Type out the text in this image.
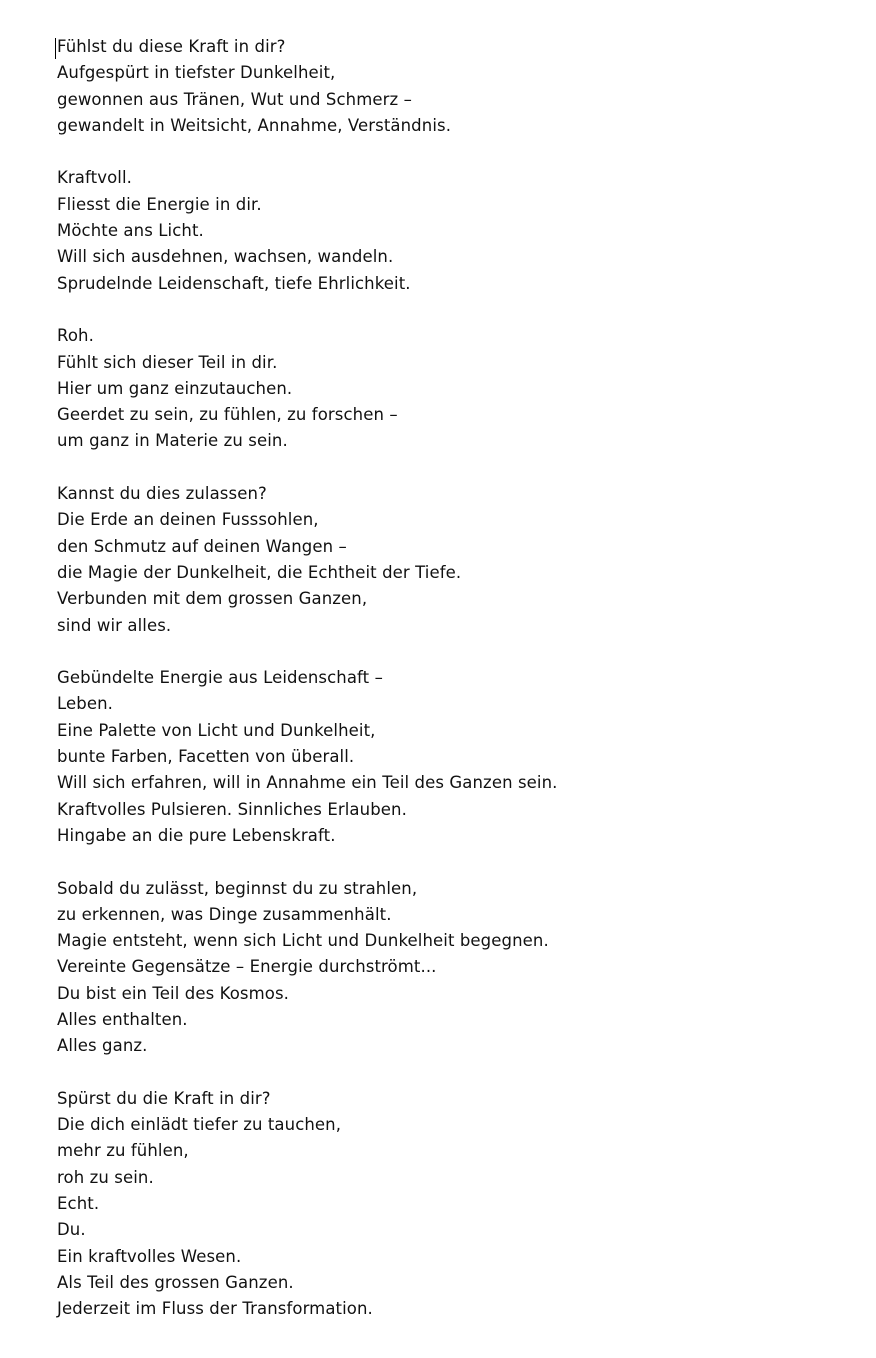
Fühlst du diese Kraft in dir?
Aufgespürt in tiefster Dunkelheit,
gewonnen aus Tränen, Wut und Schmerz –
gewandelt in Weitsicht, Annahme, Verständnis.
Kraftvoll.
Fliesst die Energie in dir.
Möchte ans Licht.
Will sich ausdehnen, wachsen, wandeln.
Sprudelnde Leidenschaft, tiefe Ehrlichkeit.
Roh.
Fühlt sich dieser Teil in dir.
Hier um ganz einzutauchen.
Geerdet zu sein, zu fühlen, zu forschen –
um ganz in Materie zu sein.
Kannst du dies zulassen?
Die Erde an deinen Fusssohlen,
den Schmutz auf deinen Wangen –
die Magie der Dunkelheit, die Echtheit der Tiefe.
Verbunden mit dem grossen Ganzen,
sind wir alles.
Gebündelte Energie aus Leidenschaft –
Leben.
Eine Palette von Licht und Dunkelheit,
bunte Farben, Facetten von überall.
Will sich erfahren, will in Annahme ein Teil des Ganzen sein.
Kraftvolles Pulsieren. Sinnliches Erlauben.
Hingabe an die pure Lebenskraft.
Sobald du zulässt, beginnst du zu strahlen,
zu erkennen, was Dinge zusammenhält.
Magie entsteht, wenn sich Licht und Dunkelheit begegnen.
Vereinte Gegensätze – Energie durchströmt...
Du bist ein Teil des Kosmos.
Alles enthalten.
Alles ganz.
Spürst du die Kraft in dir?
Die dich einlädt tiefer zu tauchen,
mehr zu fühlen,
roh zu sein.
Echt.
Du.
Ein kraftvolles Wesen.
Als Teil des grossen Ganzen.
Jederzeit im Fluss der Transformation.
